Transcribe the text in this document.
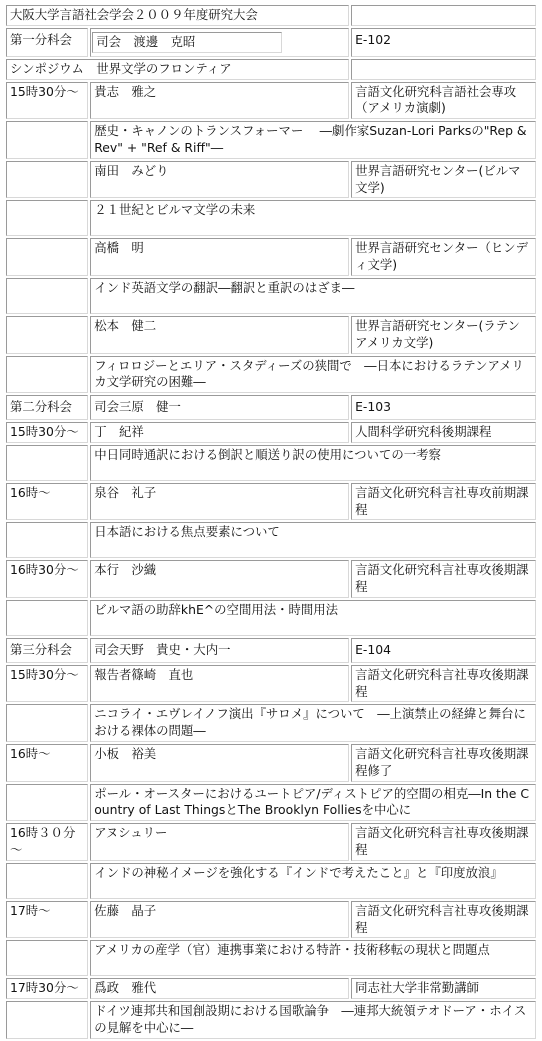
大阪大学言語社会学会２００９年度研究大会		
第一分科会	司会　渡邊　克昭	E-102
シンポジウム　世界文学のフロンティア		
15時30分～	貴志　雅之	言語文化研究科言語社会専攻（アメリカ演劇)
	歴史・キャノンのトランスフォーマー　 ―劇作家Suzan-Lori Parksの"Rep & Rev" + "Ref & Riff"―	
	南田　みどり	世界言語研究センター(ビルマ文学)
	２１世紀とビルマ文学の未来	
	高橋　明	世界言語研究センター（ヒンディ文学)
	インド英語文学の翻訳―翻訳と重訳のはざま―	
	松本　健二	世界言語研究センター(ラテンアメリカ文学)
	フィロロジーとエリア・スタディーズの狭間で　―日本におけるラテンアメリカ文学研究の困難―	
第二分科会	司会三原　健一	E-103
15時30分～	丁　紀祥	人間科学研究科後期課程
	中日同時通訳における倒訳と順送り訳の使用についての一考察	
16時～	泉谷　礼子	言語文化研究科言社専攻前期課程
	日本語における焦点要素について	
16時30分～	本行　沙織	言語文化研究科言社専攻後期課程
	ビルマ語の助辞khE^の空間用法・時間用法	
第三分科会	司会天野　貴史・大内一	E-104
15時30分～	報告者篠崎　直也	言語文化研究科言社専攻後期課程
	ニコライ・エヴレイノフ演出『サロメ』について　―上演禁止の経緯と舞台における裸体の問題―	
16時～	小板　裕美	言語文化研究科言社専攻後期課程修了
	ポール・オースターにおけるユートピア/ディストピア的空間の相克―In the Country of Last ThingsとThe Brooklyn Folliesを中心に	
16時３０分～	アヌシュリー	言語文化研究科言社専攻後期課程
	インドの神秘イメージを強化する『インドで考えたこと』と『印度放浪』	
17時～	佐藤　晶子	言語文化研究科言社専攻後期課程
	アメリカの産学（官）連携事業における特許・技術移転の現状と問題点	
17時30分～	爲政　雅代	同志社大学非常勤講師
	ドイツ連邦共和国創設期における国歌論争　―連邦大統領テオドーア・ホイスの見解を中心に―	
